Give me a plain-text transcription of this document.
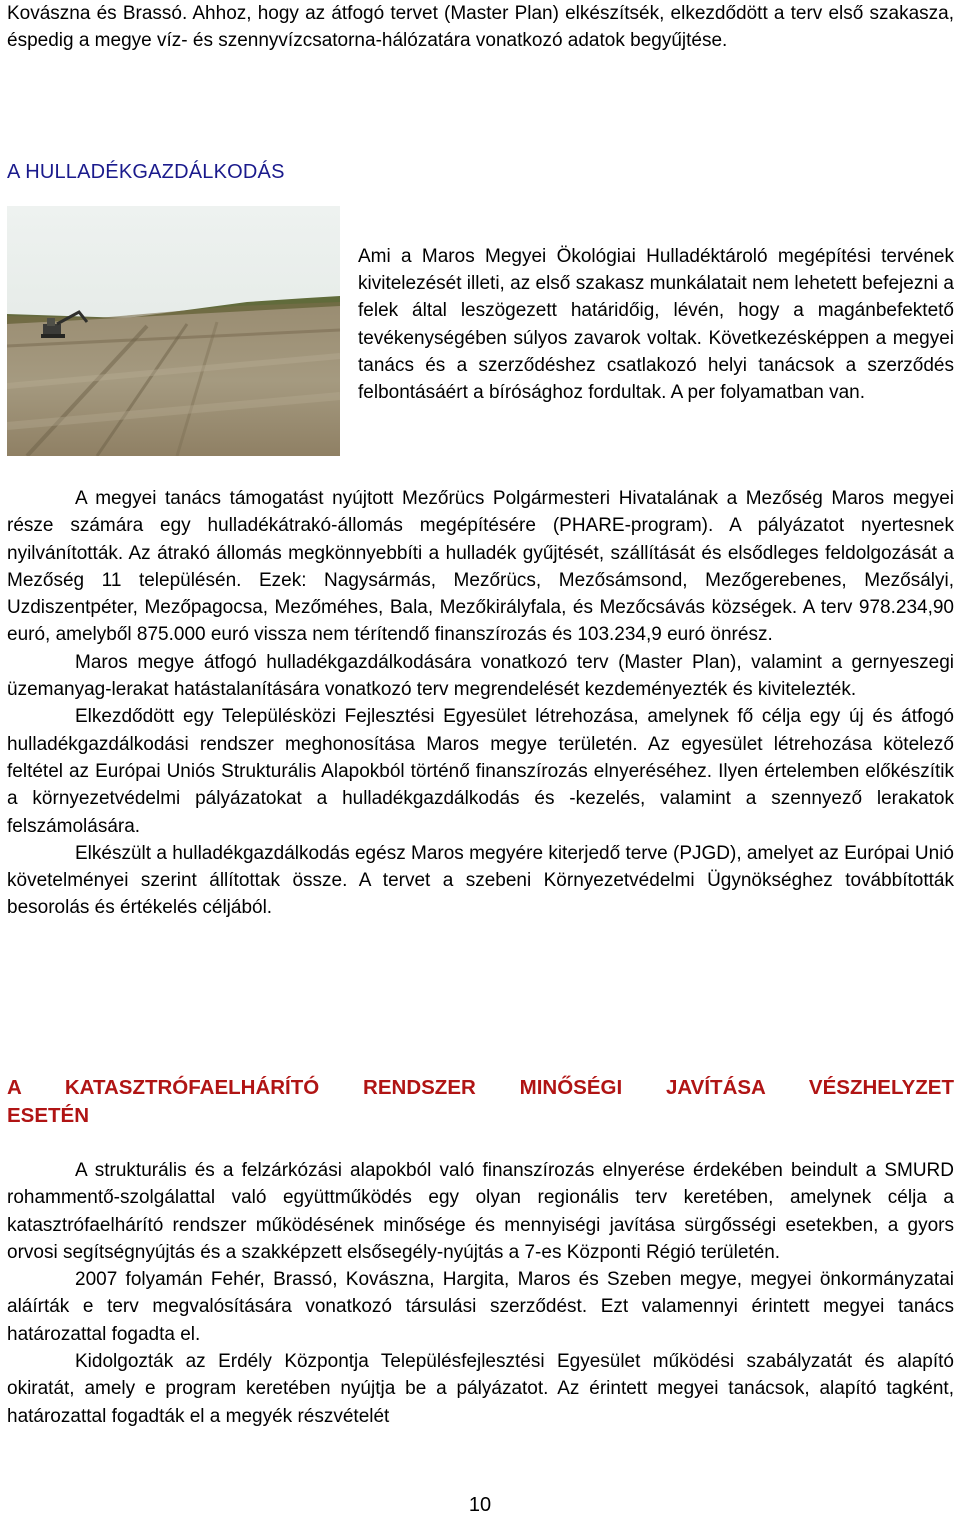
Kovászna és Brassó. Ahhoz, hogy az átfogó tervet (Master Plan) elkészítsék, elkezdődött a terv első szakasza, éspedig a megye víz- és szennyvízcsatorna-hálózatára vonatkozó adatok begyűjtése.

A HULLADÉKGAZDÁLKODÁS

Ami a Maros Megyei Ökológiai Hulladéktároló megépítési tervének kivitelezését illeti, az első szakasz munkálatait nem lehetett befejezni a felek által leszögezett határidőig, lévén, hogy a magánbefektető tevékenységében súlyos zavarok voltak. Következésképpen a megyei tanács és a szerződéshez csatlakozó helyi tanácsok a szerződés felbontásáért a bírósághoz fordultak. A per folyamatban van.

A megyei tanács támogatást nyújtott Mezőrücs Polgármesteri Hivatalának a Mezőség Maros megyei része számára egy hulladékátrakó-állomás megépítésére (PHARE-program). A pályázatot nyertesnek nyilvánították. Az átrakó állomás megkönnyebbíti a hulladék gyűjtését, szállítását és elsődleges feldolgozását a Mezőség 11 településén. Ezek: Nagysármás, Mezőrücs, Mezősámsond, Mezőgerebenes, Mezősályi, Uzdiszentpéter, Mezőpagocsa, Mezőméhes, Bala, Mezőkirályfala, és Mezőcsávás községek. A terv 978.234,90 euró, amelyből 875.000 euró vissza nem térítendő finanszírozás és 103.234,9 euró önrész.

Maros megye átfogó hulladékgazdálkodására vonatkozó terv (Master Plan), valamint a gernyeszegi üzemanyag-lerakat hatástalanítására vonatkozó terv megrendelését kezdeményezték és kivitelezték.

Elkezdődött egy Településközi Fejlesztési Egyesület létrehozása, amelynek fő célja egy új és átfogó hulladékgazdálkodási rendszer meghonosítása Maros megye területén. Az egyesület létrehozása kötelező feltétel az Európai Uniós Strukturális Alapokból történő finanszírozás elnyeréséhez. Ilyen értelemben előkészítik a környezetvédelmi pályázatokat a hulladékgazdálkodás és -kezelés, valamint a szennyező lerakatok felszámolására.

Elkészült a hulladékgazdálkodás egész Maros megyére kiterjedő terve (PJGD), amelyet az Európai Unió követelményei szerint állítottak össze. A tervet a szebeni Környezetvédelmi Ügynökséghez továbbították besorolás és értékelés céljából.

A KATASZTRÓFAELHÁRÍTÓ RENDSZER MINŐSÉGI JAVÍTÁSA VÉSZHELYZET ESETÉN

A strukturális és a felzárkózási alapokból való finanszírozás elnyerése érdekében beindult a SMURD rohammentő-szolgálattal való együttműködés egy olyan regionális terv keretében, amelynek célja a katasztrófaelhárító rendszer működésének minősége és mennyiségi javítása sürgősségi esetekben, a gyors orvosi segítségnyújtás és a szakképzett elsősegély-nyújtás a 7-es Központi Régió területén.

2007 folyamán Fehér, Brassó, Kovászna, Hargita, Maros és Szeben megye, megyei önkormányzatai aláírták e terv megvalósítására vonatkozó társulási szerződést. Ezt valamennyi érintett megyei tanács határozattal fogadta el.

Kidolgozták az Erdély Központja Településfejlesztési Egyesület működési szabályzatát és alapító okiratát, amely e program keretében nyújtja be a pályázatot. Az érintett megyei tanácsok, alapító tagként, határozattal fogadták el a megyék részvételét

10
